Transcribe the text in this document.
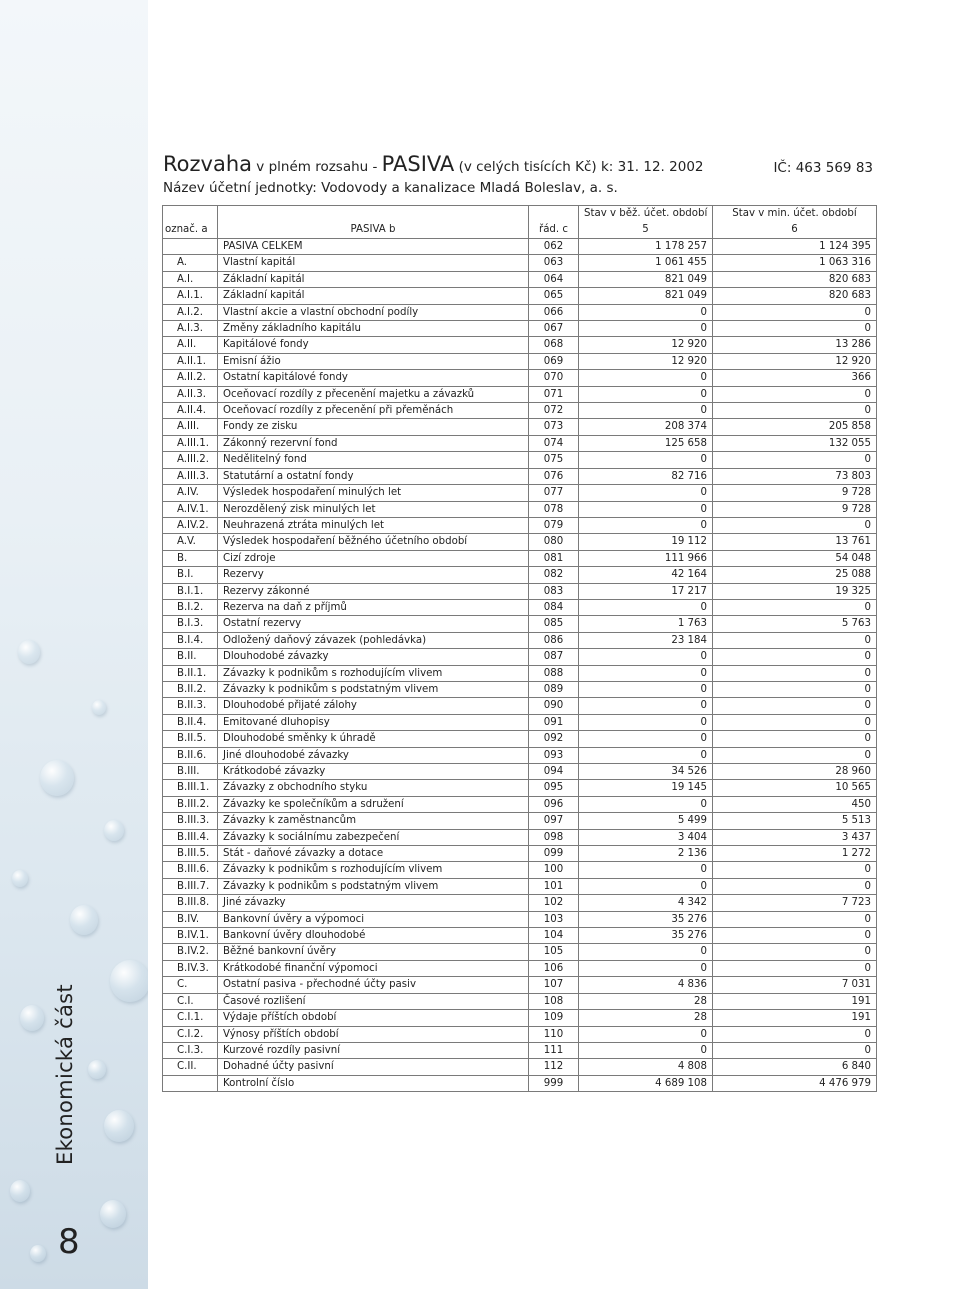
Ekonomická část
8
Rozvaha v plném rozsahu - PASIVA (v celých tisících Kč) k: 31. 12. 2002	IČ: 463 569 83
Název účetní jednotky: Vodovody a kanalizace Mladá Boleslav, a. s.
			Stav v běž. účet. období	Stav v min. účet. období
označ. a	PASIVA b	řád. c	5	6
	PASIVA CELKEM	062	1 178 257	1 124 395
A.	Vlastní kapitál	063	1 061 455	1 063 316
A.I.	Základní kapitál	064	821 049	820 683
A.I.1.	Základní kapitál	065	821 049	820 683
A.I.2.	Vlastní akcie a vlastní obchodní podíly	066	0	0
A.I.3.	Změny základního kapitálu	067	0	0
A.II.	Kapitálové fondy	068	12 920	13 286
A.II.1.	Emisní ážio	069	12 920	12 920
A.II.2.	Ostatní kapitálové fondy	070	0	366
A.II.3.	Oceňovací rozdíly z přecenění majetku a závazků	071	0	0
A.II.4.	Oceňovací rozdíly z přecenění při přeměnách	072	0	0
A.III.	Fondy ze zisku	073	208 374	205 858
A.III.1.	Zákonný rezervní fond	074	125 658	132 055
A.III.2.	Nedělitelný fond	075	0	0
A.III.3.	Statutární a ostatní fondy	076	82 716	73 803
A.IV.	Výsledek hospodaření minulých let	077	0	9 728
A.IV.1.	Nerozdělený zisk minulých let	078	0	9 728
A.IV.2.	Neuhrazená ztráta minulých let	079	0	0
A.V.	Výsledek hospodaření běžného účetního období	080	19 112	13 761
B.	Cizí zdroje	081	111 966	54 048
B.I.	Rezervy	082	42 164	25 088
B.I.1.	Rezervy zákonné	083	17 217	19 325
B.I.2.	Rezerva na daň z příjmů	084	0	0
B.I.3.	Ostatní rezervy	085	1 763	5 763
B.I.4.	Odložený daňový závazek (pohledávka)	086	23 184	0
B.II.	Dlouhodobé závazky	087	0	0
B.II.1.	Závazky k podnikům s rozhodujícím vlivem	088	0	0
B.II.2.	Závazky k podnikům s podstatným vlivem	089	0	0
B.II.3.	Dlouhodobé přijaté zálohy	090	0	0
B.II.4.	Emitované dluhopisy	091	0	0
B.II.5.	Dlouhodobé směnky k úhradě	092	0	0
B.II.6.	Jiné dlouhodobé závazky	093	0	0
B.III.	Krátkodobé závazky	094	34 526	28 960
B.III.1.	Závazky z obchodního styku	095	19 145	10 565
B.III.2.	Závazky ke společníkům a sdružení	096	0	450
B.III.3.	Závazky k zaměstnancům	097	5 499	5 513
B.III.4.	Závazky k sociálnímu zabezpečení	098	3 404	3 437
B.III.5.	Stát - daňové závazky a dotace	099	2 136	1 272
B.III.6.	Závazky k podnikům s rozhodujícím vlivem	100	0	0
B.III.7.	Závazky k podnikům s podstatným vlivem	101	0	0
B.III.8.	Jiné závazky	102	4 342	7 723
B.IV.	Bankovní úvěry a výpomoci	103	35 276	0
B.IV.1.	Bankovní úvěry dlouhodobé	104	35 276	0
B.IV.2.	Běžné bankovní úvěry	105	0	0
B.IV.3.	Krátkodobé finanční výpomoci	106	0	0
C.	Ostatní pasiva - přechodné účty pasiv	107	4 836	7 031
C.I.	Časové rozlišení	108	28	191
C.I.1.	Výdaje příštích období	109	28	191
C.I.2.	Výnosy příštích období	110	0	0
C.I.3.	Kurzové rozdíly pasivní	111	0	0
C.II.	Dohadné účty pasivní	112	4 808	6 840
	Kontrolní číslo	999	4 689 108	4 476 979
